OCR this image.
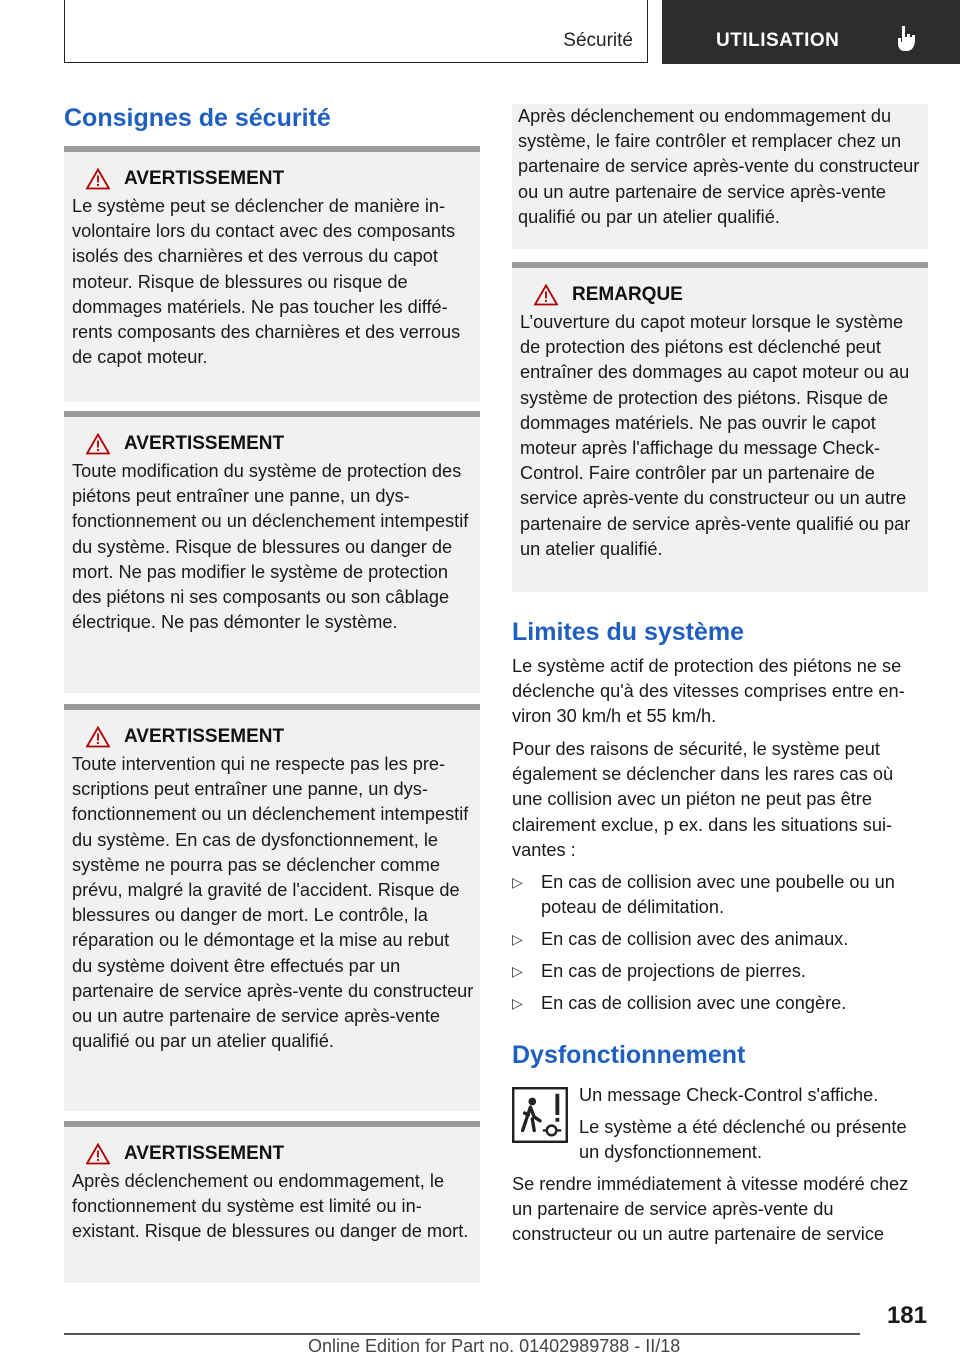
Sécurité	UTILISATION
Consignes de sécurité
AVERTISSEMENT

Le système peut se déclencher de manière involontaire lors du contact avec des composants isolés des charnières et des verrous du capot moteur. Risque de blessures ou risque de dommages matériels. Ne pas toucher les différents composants des charnières et des verrous de capot moteur.

AVERTISSEMENT

Toute modification du système de protection des piétons peut entraîner une panne, un dysfonctionnement ou un déclenchement intempestif du système. Risque de blessures ou danger de mort. Ne pas modifier le système de protection des piétons ni ses composants ou son câblage électrique. Ne pas démonter le système.

AVERTISSEMENT

Toute intervention qui ne respecte pas les prescriptions peut entraîner une panne, un dysfonctionnement ou un déclenchement intempestif du système. En cas de dysfonctionnement, le système ne pourra pas se déclencher comme prévu, malgré la gravité de l'accident. Risque de blessures ou danger de mort. Le contrôle, la réparation ou le démontage et la mise au rebut du système doivent être effectués par un partenaire de service après-vente du constructeur ou un autre partenaire de service après-vente qualifié ou par un atelier qualifié.

AVERTISSEMENT

Après déclenchement ou endommagement, le fonctionnement du système est limité ou inexistant. Risque de blessures ou danger de mort.

Après déclenchement ou endommagement du système, le faire contrôler et remplacer chez un partenaire de service après-vente du constructeur ou un autre partenaire de service après-vente qualifié ou par un atelier qualifié.

REMARQUE

L’ouverture du capot moteur lorsque le système de protection des piétons est déclenché peut entraîner des dommages au capot moteur ou au système de protection des piétons. Risque de dommages matériels. Ne pas ouvrir le capot moteur après l'affichage du message Check-Control. Faire contrôler par un partenaire de service après-vente du constructeur ou un autre partenaire de service après-vente qualifié ou par un atelier qualifié.

Limites du système

Le système actif de protection des piétons ne se déclenche qu'à des vitesses comprises entre environ 30 km/h et 55 km/h.

Pour des raisons de sécurité, le système peut également se déclencher dans les rares cas où une collision avec un piéton ne peut pas être clairement exclue, p ex. dans les situations suivantes :

▷ En cas de collision avec une poubelle ou un poteau de délimitation.
▷ En cas de collision avec des animaux.
▷ En cas de projections de pierres.
▷ En cas de collision avec une congère.
Dysfonctionnement

Un message Check-Control s'affiche.

Le système a été déclenché ou présente un dysfonctionnement.

Se rendre immédiatement à vitesse modéré chez un partenaire de service après-vente du constructeur ou un autre partenaire de service

181
Online Edition for Part no. 01402989788 - II/18
